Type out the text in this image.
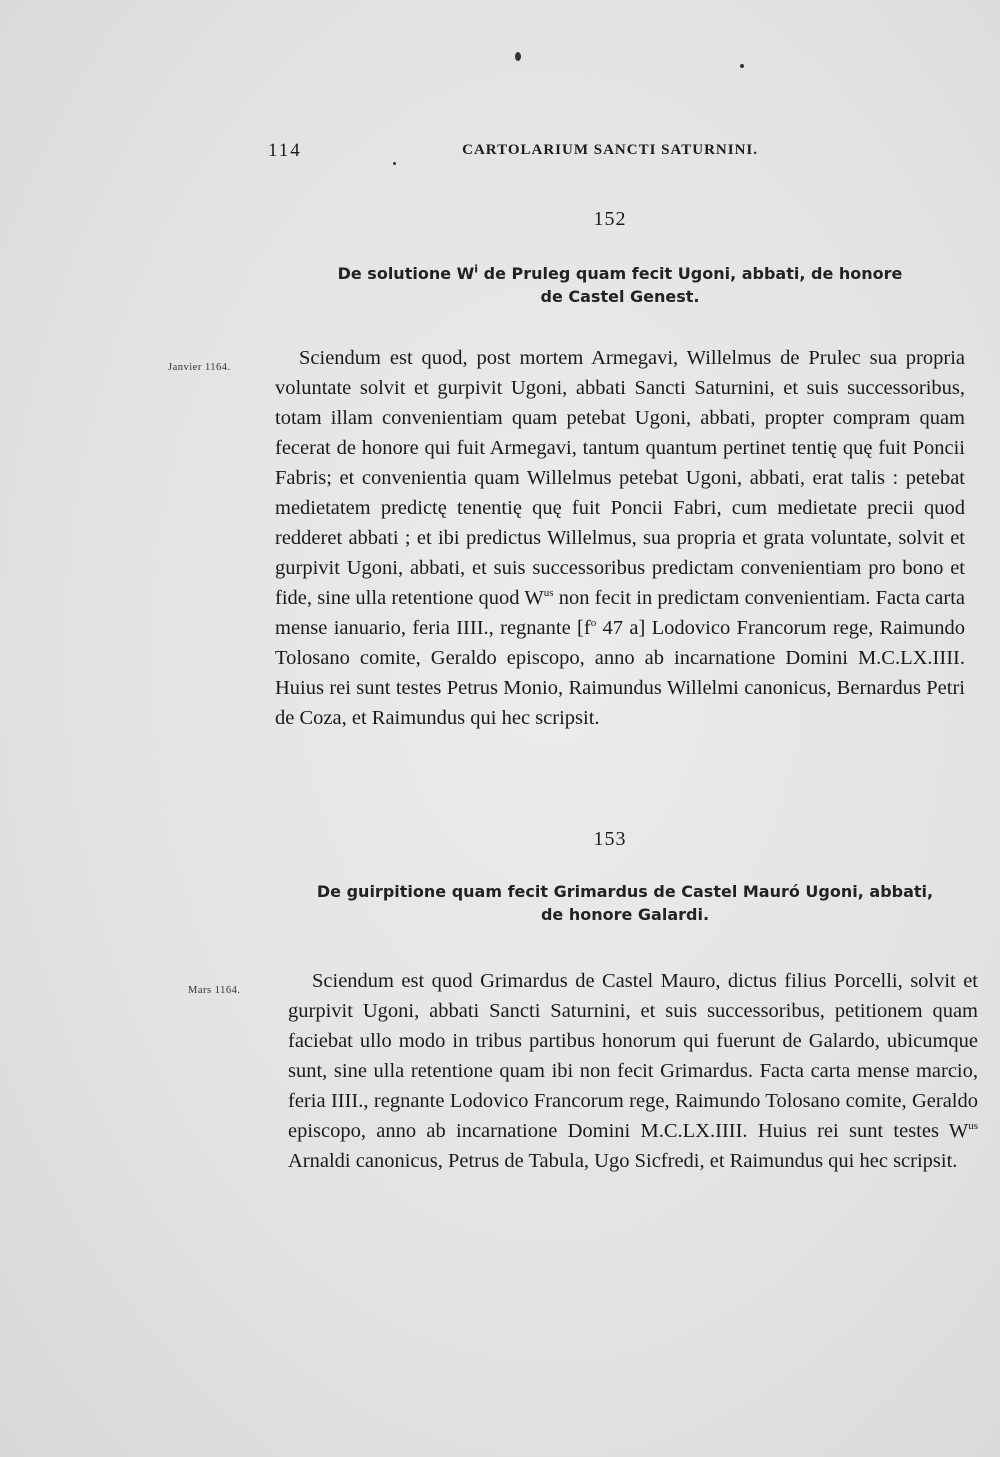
114	CARTOLARIUM SANCTI SATURNINI.
152
De solutione $W^i$ de Pruleg quam fecit Ugoni, abbati, de honore
de Castel Genest.
Janvier 1164.	Sciendum est quod, post mortem Armegavi, Willelmus de Prulec sua propria voluntate solvit et gurpivit Ugoni, abbati Sancti Saturnini, et suis successoribus, totam illam convenientiam quam petebat Ugoni, abbati, propter compram quam fecerat de honore qui fuit Armegavi, tantum quantum pertinet tentię quę fuit Poncii Fabris; et convenientia quam Willelmus petebat Ugoni, abbati, erat talis : petebat medietatem predictę tenentię quę fuit Poncii Fabri, cum medietate precii quod redderet abbati ; et ibi predictus Willelmus, sua propria et grata voluntate, solvit et gurpivit Ugoni, abbati, et suis successoribus predictam convenientiam pro bono et fide, sine ulla retentione quod $W^{us}$ non fecit in predictam convenientiam. Facta carta mense ianuario, feria IIII., regnante [$f^o$ 47 a] Lodovico Francorum rege, Raimundo Tolosano comite, Geraldo episcopo, anno ab incarnatione Domini M.C.LX.IIII. Huius rei sunt testes Petrus Monio, Raimundus Willelmi canonicus, Bernardus Petri de Coza, et Raimundus qui hec scripsit.
153
De guirpitione quam fecit Grimardus de Castel Mauró Ugoni, abbati,
de honore Galardi.
Mars 1164.	Sciendum est quod Grimardus de Castel Mauro, dictus filius Porcelli, solvit et gurpivit Ugoni, abbati Sancti Saturnini, et suis successoribus, petitionem quam faciebat ullo modo in tribus partibus honorum qui fuerunt de Galardo, ubicumque sunt, sine ulla retentione quam ibi non fecit Grimardus. Facta carta mense marcio, feria IIII., regnante Lodovico Francorum rege, Raimundo Tolosano comite, Geraldo episcopo, anno ab incarnatione Domini M.C.LX.IIII. Huius rei sunt testes $W^{us}$ Arnaldi canonicus, Petrus de Tabula, Ugo Sicfredi, et Raimundus qui hec scripsit.
